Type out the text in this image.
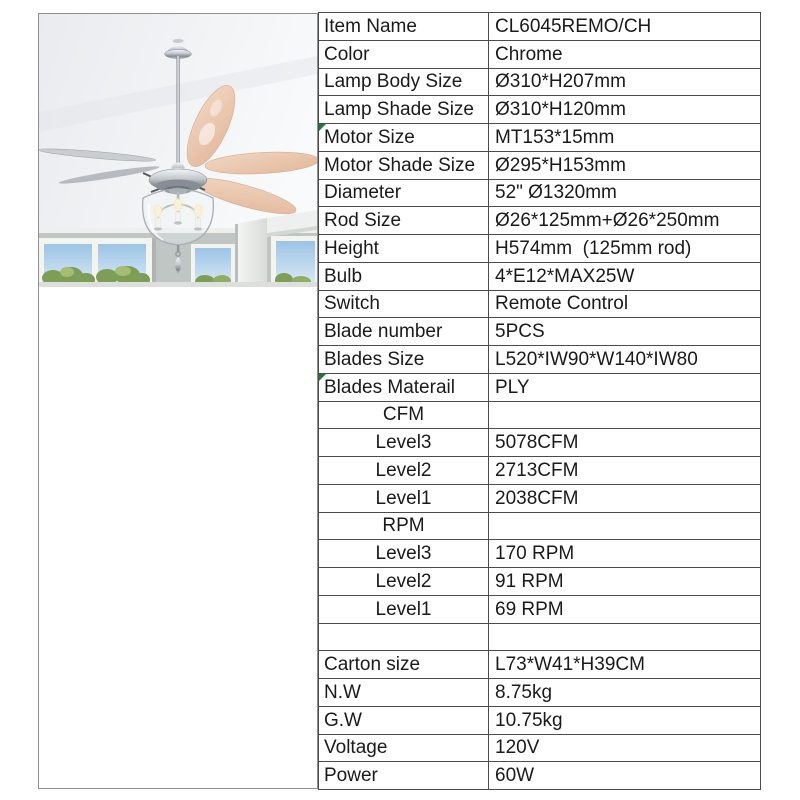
Item Name	CL6045REMO/CH
Color	Chrome
Lamp Body Size Ø310*H207mm
Lamp Shade Size Ø310*H120mm
Motor Size	MT153*15mm
Motor Shade Size Ø295*H153mm
Diameter	52" Ø1320mm
Rod Size	Ø26*125mm+Ø26*250mm
Height	H574mm  (125mm rod)
Bulb	4*E12*MAX25W
Switch	Remote Control
Blade number	5PCS
Blades Size	L520*IW90*W140*IW80
Blades Materail PLY
CFM
Level3	5078CFM
Level2	2713CFM
Level1	2038CFM
RPM
Level3	170 RPM
Level2	91 RPM
Level1	69 RPM
Carton size	L73*W41*H39CM
N.W	8.75kg
G.W	10.75kg
Voltage	120V
Power	60W
